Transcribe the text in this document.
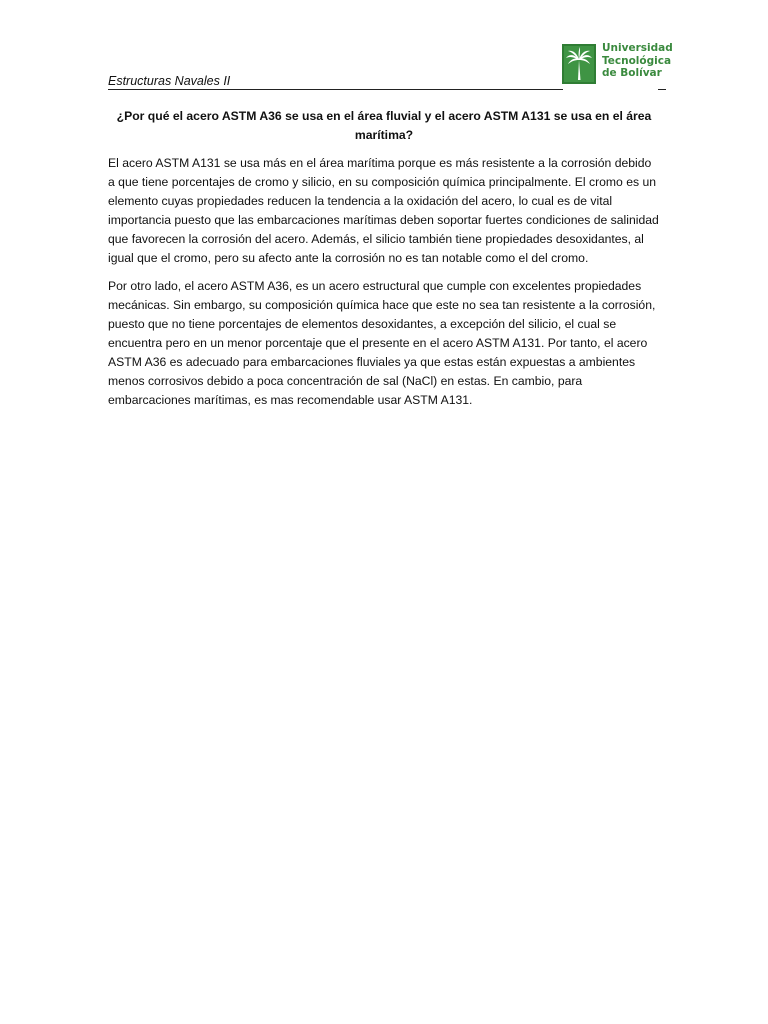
Estructuras Navales II
Universidad
Tecnológica
de Bolívar

¿Por qué el acero ASTM A36 se usa en el área fluvial y el acero ASTM A131 se usa en el área marítima?

El acero ASTM A131 se usa más en el área marítima porque es más resistente a la corrosión debido a que tiene porcentajes de cromo y silicio, en su composición química principalmente. El cromo es un elemento cuyas propiedades reducen la tendencia a la oxidación del acero, lo cual es de vital importancia puesto que las embarcaciones marítimas deben soportar fuertes condiciones de salinidad que favorecen la corrosión del acero. Además, el silicio también tiene propiedades desoxidantes, al igual que el cromo, pero su afecto ante la corrosión no es tan notable como el del cromo.

Por otro lado, el acero ASTM A36, es un acero estructural que cumple con excelentes propiedades mecánicas. Sin embargo, su composición química hace que este no sea tan resistente a la corrosión, puesto que no tiene porcentajes de elementos desoxidantes, a excepción del silicio, el cual se encuentra pero en un menor porcentaje que el presente en el acero ASTM A131. Por tanto, el acero ASTM A36 es adecuado para embarcaciones fluviales ya que estas están expuestas a ambientes menos corrosivos debido a poca concentración de sal (NaCl) en estas. En cambio, para embarcaciones marítimas, es mas recomendable usar ASTM A131.
